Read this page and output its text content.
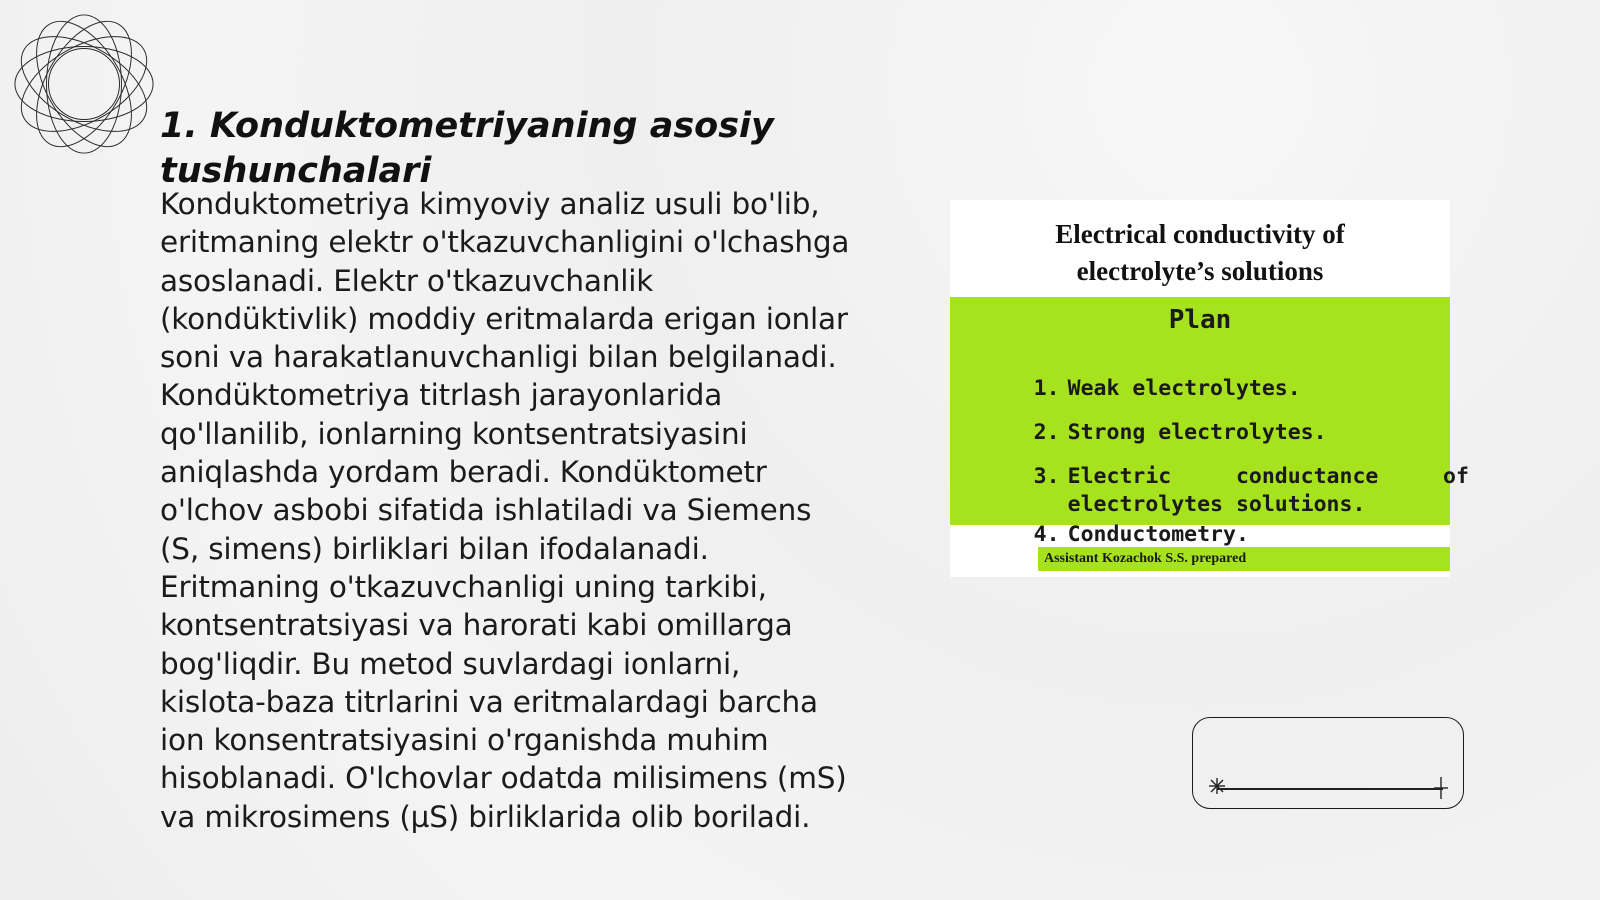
1. Konduktometriyaning asosiy tushunchalari

Konduktometriya kimyoviy analiz usuli bo'lib, eritmaning elektr o'tkazuvchanligini o'lchashga asoslanadi. Elektr o'tkazuvchanlik (kondüktivlik) moddiy eritmalarda erigan ionlar soni va harakatlanuvchanligi bilan belgilanadi. Kondüktometriya titrlash jarayonlarida qo'llanilib, ionlarning kontsentratsiyasini aniqlashda yordam beradi. Kondüktometr o'lchov asbobi sifatida ishlatiladi va Siemens (S, simens) birliklari bilan ifodalanadi. Eritmaning o'tkazuvchanligi uning tarkibi, kontsentratsiyasi va harorati kabi omillarga bog'liqdir. Bu metod suvlardagi ionlarni, kislota-baza titrlarini va eritmalardagi barcha ion konsentratsiyasini o'rganishda muhim hisoblanadi. O'lchovlar odatda milisimens (mS) va mikrosimens (µS) birliklarida olib boriladi.

Electrical conductivity of
electrolyte’s solutions
Plan

1. Weak electrolytes.

2. Strong electrolytes.

3. Electric     conductance     of

electrolytes solutions.

4. Conductometry.

Assistant Kozachok S.S. prepared
